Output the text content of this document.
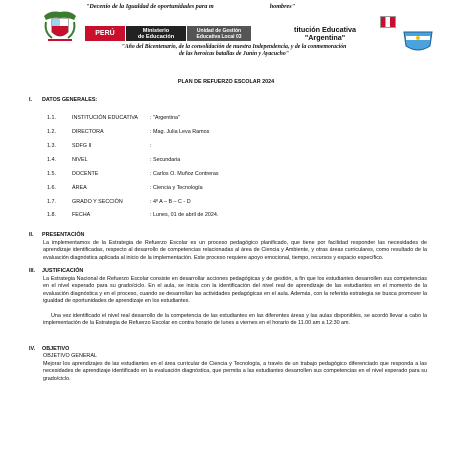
"Decenio de la Igualdad de oportunidades para m	hombres"
PERÚ	Ministerio
de Educación
Unidad de Gestión
Educativa Local 03
titución Educativa
"Argentina"
"Año del Bicentenario, de la consolidación de nuestra Independencia, y de la conmemoración
de las heroicas batallas de Junín y Ayacucho"
PLAN DE REFUERZO ESCOLAR 2024
I. DATOS GENERALES:
1.1.	INSTITUCIÓN EDUCATIVA : "Argentina"
1.2.	DIRECTORA	: Mag. Julia Leva Ramos
1.3.	SDFG II	:
1.4.	NIVEL	: Secundaria
1.5.	DOCENTE	: Carlos O. Muñoz Contreras
1.6.	ÁREA	: Ciencia y Tecnología
1.7.	GRADO Y SECCIÓN	: 4º A – B – C - D
1.8.	FECHA	: Lunes, 01 de abril de 2024.
II. PRESENTACIÓN
La implementamos de la Estrategia de Refuerzo Escolar es un proceso pedagógico planificado, que tiene por facilidad responder las necesidades de aprendizaje identificadas, respecto al desarrollo de competencias relacionadas al área de Ciencia y Ambiente, y otras áreas curriculares, como resultado de la evaluación diagnóstica aplicada al inicio de la implementación. Este proceso requiere apoyo emocional, tiempo, recursos y espacio específico.
III. JUSTIFICACIÓN
La Estrategia Nacional de Refuerzo Escolar consiste en desarrollar acciones pedagógicas y de gestión, a fin que los estudiantes desarrollen sus competencias en el nivel esperado para su grado/ciclo. En el aula, se inicia con la identificación del nivel real de aprendizaje de las estudiantes en el momento de la evaluación diagnóstica y en el proceso, cuando se desarrollan las actividades pedagógicas en el aula. Además, con la referida estrategia se busca promover la igualdad de oportunidades de aprendizaje en los estudiantes.
Una vez identificado el nivel real desarrollo de la competencia de las estudiantes en las diferentes áreas y las aulas disponibles, se acordó llevar a cabo la implementación de la Estrategia de Refuerzo Escolar en contra horario de lunes a viernes en el horario de 11.00 am a 12:30 am.
IV. OBJETIVO
OBJETIVO GENERAL
Mejorar los aprendizajes de las estudiantes en el área curricular de Ciencia y Tecnología, a través de un trabajo pedagógico diferenciado que responda a las necesidades de aprendizaje identificado en la evaluación diagnóstica, que permita a las estudiantes desarrollen sus competencias en el nivel esperado para su grado/ciclo.
